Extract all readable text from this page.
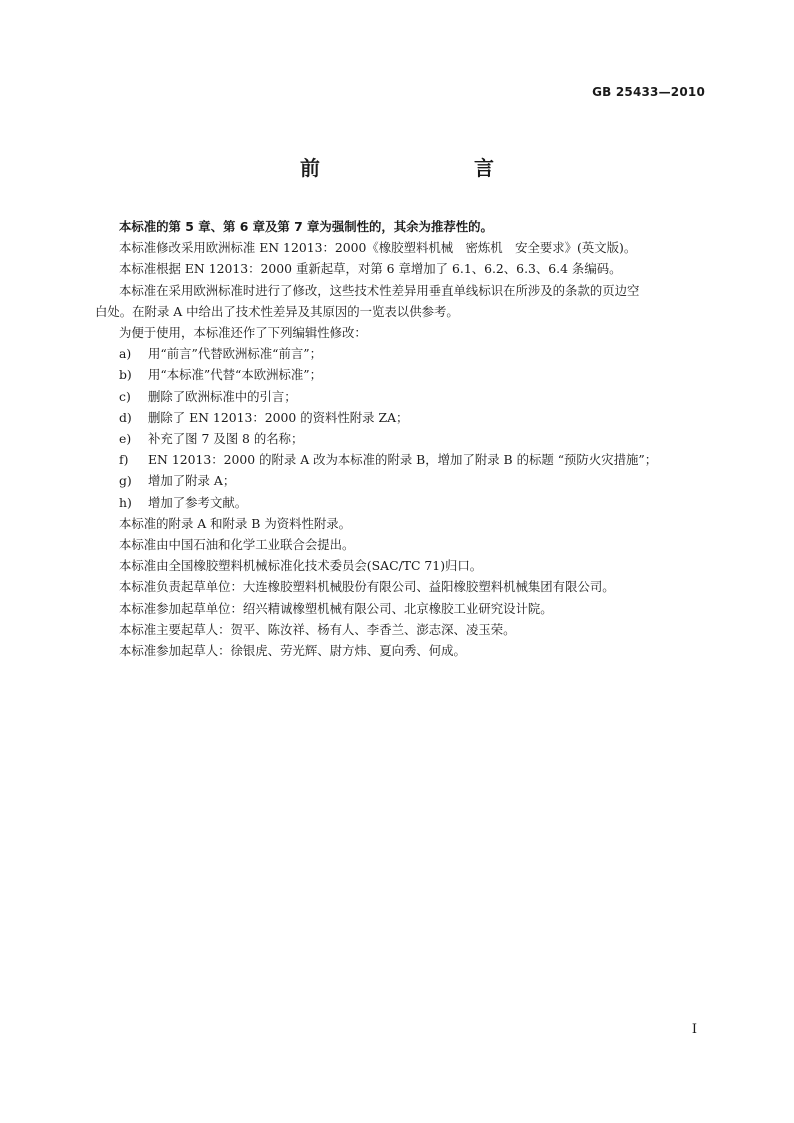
GB 25433—2010
前　　言

本标准的第 5 章、第 6 章及第 7 章为强制性的，其余为推荐性的。

本标准修改采用欧洲标准 EN 12013：2000《橡胶塑料机械　密炼机　安全要求》(英文版)。

本标准根据 EN 12013：2000 重新起草，对第 6 章增加了 6.1、6.2、6.3、6.4 条编码。

本标准在采用欧洲标准时进行了修改，这些技术性差异用垂直单线标识在所涉及的条款的页边空

白处。在附录 A 中给出了技术性差异及其原因的一览表以供参考。

为便于使用，本标准还作了下列编辑性修改：

a)	用“前言”代替欧洲标准“前言”；
b)	用“本标准”代替“本欧洲标准”；
c)	删除了欧洲标准中的引言；
d)	删除了 EN 12013：2000 的资料性附录 ZA；
e)	补充了图 7 及图 8 的名称；
f)	EN 12013：2000 的附录 A 改为本标准的附录 B，增加了附录 B 的标题 “预防火灾措施”；
g)	增加了附录 A；
h)	增加了参考文献。

本标准的附录 A 和附录 B 为资料性附录。

本标准由中国石油和化学工业联合会提出。

本标准由全国橡胶塑料机械标准化技术委员会(SAC/TC 71)归口。

本标准负责起草单位：大连橡胶塑料机械股份有限公司、益阳橡胶塑料机械集团有限公司。

本标准参加起草单位：绍兴精诚橡塑机械有限公司、北京橡胶工业研究设计院。

本标准主要起草人：贺平、陈汝祥、杨有人、李香兰、澎志深、凌玉荣。

本标准参加起草人：徐银虎、劳光辉、尉方炜、夏向秀、何成。

I
